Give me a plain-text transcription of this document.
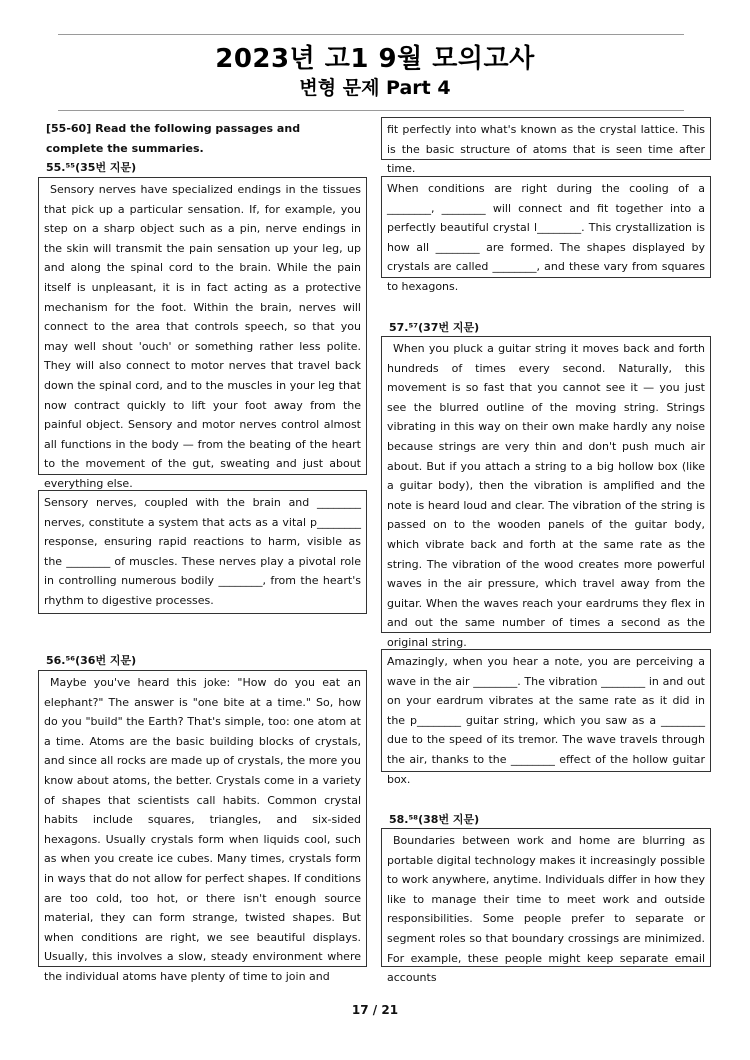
2023년 고1 9월 모의고사
변형 문제 Part 4
[55-60] Read the following passages and complete the summaries.
55.⁵⁵(35번 지문)
Sensory nerves have specialized endings in the tissues that pick up a particular sensation. If, for example, you step on a sharp object such as a pin, nerve endings in the skin will transmit the pain sensation up your leg, up and along the spinal cord to the brain. While the pain itself is unpleasant, it is in fact acting as a protective mechanism for the foot. Within the brain, nerves will connect to the area that controls speech, so that you may well shout 'ouch' or something rather less polite. They will also connect to motor nerves that travel back down the spinal cord, and to the muscles in your leg that now contract quickly to lift your foot away from the painful object. Sensory and motor nerves control almost all functions in the body — from the beating of the heart to the movement of the gut, sweating and just about everything else.
Sensory nerves, coupled with the brain and ________ nerves, constitute a system that acts as a vital p________ response, ensuring rapid reactions to harm, visible as the ________ of muscles. These nerves play a pivotal role in controlling numerous bodily ________, from the heart's rhythm to digestive processes.
56.⁵⁶(36번 지문)
Maybe you've heard this joke: "How do you eat an elephant?" The answer is "one bite at a time." So, how do you "build" the Earth? That's simple, too: one atom at a time. Atoms are the basic building blocks of crystals, and since all rocks are made up of crystals, the more you know about atoms, the better. Crystals come in a variety of shapes that scientists call habits. Common crystal habits include squares, triangles, and six-sided hexagons. Usually crystals form when liquids cool, such as when you create ice cubes. Many times, crystals form in ways that do not allow for perfect shapes. If conditions are too cold, too hot, or there isn't enough source material, they can form strange, twisted shapes. But when conditions are right, we see beautiful displays. Usually, this involves a slow, steady environment where the individual atoms have plenty of time to join and
fit perfectly into what's known as the crystal lattice. This is the basic structure of atoms that is seen time after time.
When conditions are right during the cooling of a ________, ________ will connect and fit together into a perfectly beautiful crystal l________. This crystallization is how all ________ are formed. The shapes displayed by crystals are called ________, and these vary from squares to hexagons.
57.⁵⁷(37번 지문)
When you pluck a guitar string it moves back and forth hundreds of times every second. Naturally, this movement is so fast that you cannot see it — you just see the blurred outline of the moving string. Strings vibrating in this way on their own make hardly any noise because strings are very thin and don't push much air about. But if you attach a string to a big hollow box (like a guitar body), then the vibration is amplified and the note is heard loud and clear. The vibration of the string is passed on to the wooden panels of the guitar body, which vibrate back and forth at the same rate as the string. The vibration of the wood creates more powerful waves in the air pressure, which travel away from the guitar. When the waves reach your eardrums they flex in and out the same number of times a second as the original string.
Amazingly, when you hear a note, you are perceiving a wave in the air ________. The vibration ________ in and out on your eardrum vibrates at the same rate as it did in the p________ guitar string, which you saw as a ________ due to the speed of its tremor. The wave travels through the air, thanks to the ________ effect of the hollow guitar box.
58.⁵⁸(38번 지문)
Boundaries between work and home are blurring as portable digital technology makes it increasingly possible to work anywhere, anytime. Individuals differ in how they like to manage their time to meet work and outside responsibilities. Some people prefer to separate or segment roles so that boundary crossings are minimized. For example, these people might keep separate email accounts
17 / 21
